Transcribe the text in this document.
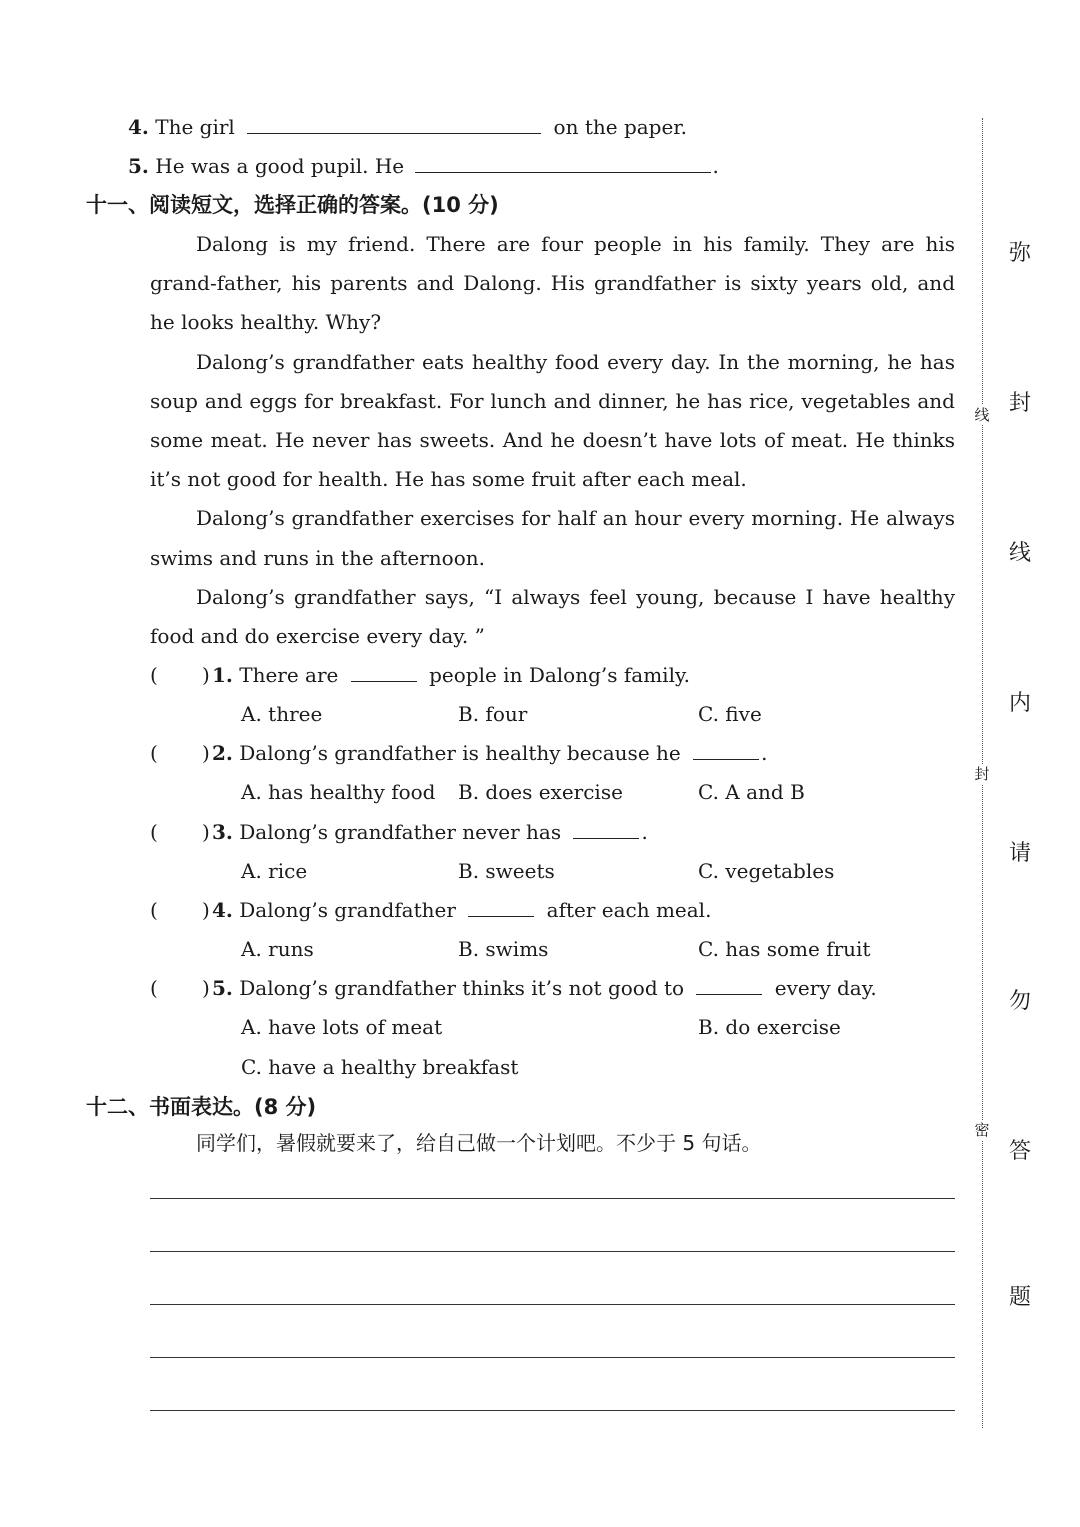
4. The girl	on the paper.
5. He was a good pupil. He	.
十一、阅读短文，选择正确的答案。(10 分)

Dalong is my friend. There are four people in his family. They are his grand-father, his parents and Dalong. His grandfather is sixty years old, and he looks healthy. Why?

Dalong’s grandfather eats healthy food every day. In the morning, he has soup and eggs for breakfast. For lunch and dinner, he has rice, vegetables and some meat. He never has sweets. And he doesn’t have lots of meat. He thinks it’s not good for health. He has some fruit after each meal.

Dalong’s grandfather exercises for half an hour every morning. He always swims and runs in the afternoon.

Dalong’s grandfather says, “I always feel young, because I have healthy food and do exercise every day. ”

( ) 1. There are	people in Dalong’s family.
A. three	B. four	C. five
( ) 2. Dalong’s grandfather is healthy because he	.
A. has healthy food B. does exercise	C. A and B
( ) 3. Dalong’s grandfather never has	.
A. rice	B. sweets	C. vegetables
( ) 4. Dalong’s grandfather	after each meal.
A. runs	B. swims	C. has some fruit
( ) 5. Dalong’s grandfather thinks it’s not good to	every day.
A. have lots of meat	B. do exercise
C. have a healthy breakfast
十二、书面表达。(8 分)
同学们，暑假就要来了，给自己做一个计划吧。不少于 5 句话。
线
封
密
弥
封
线
内
请
勿
答
题
